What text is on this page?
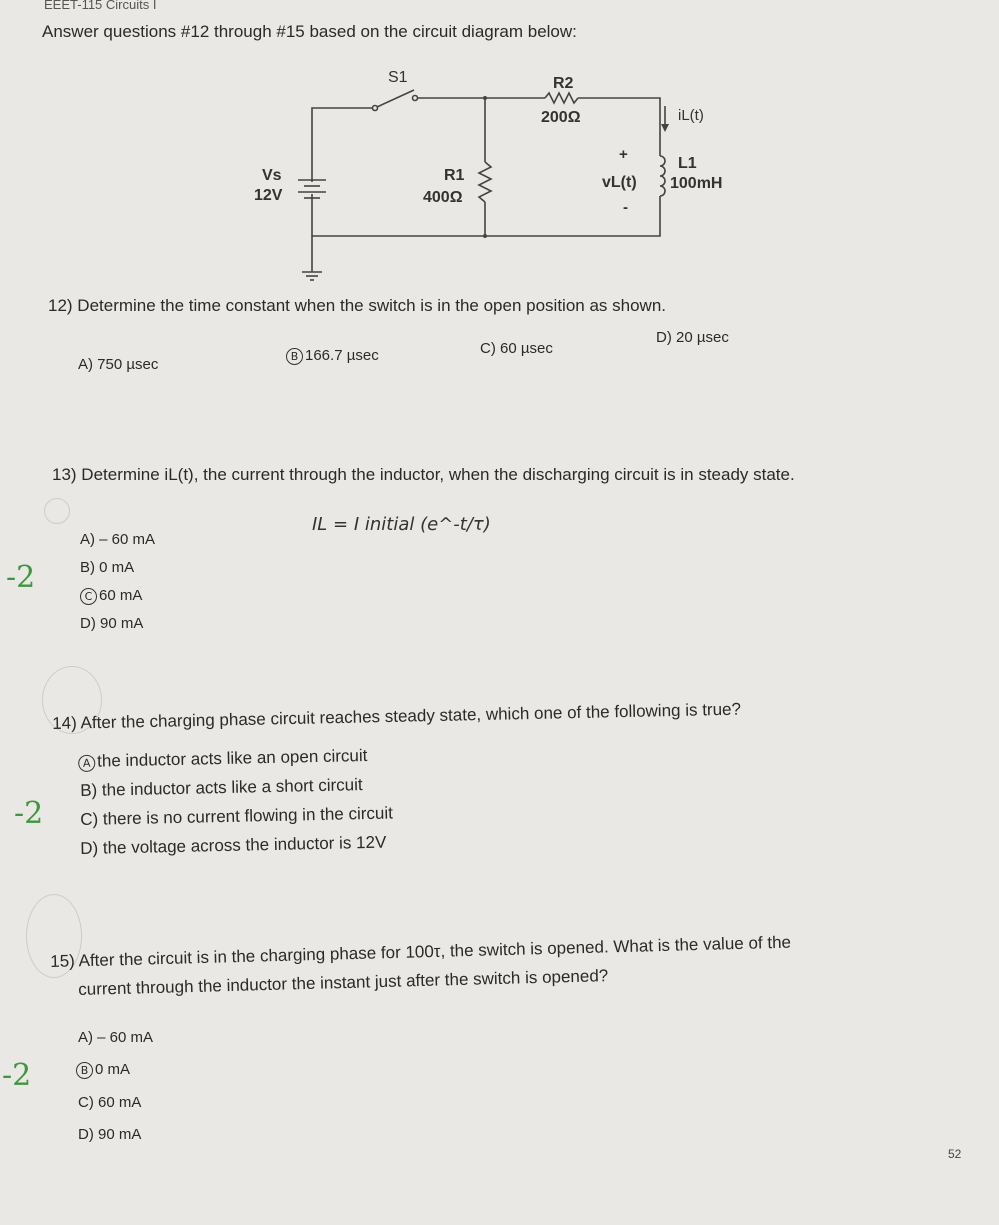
EEET-115 Circuits I
Answer questions #12 through #15 based on the circuit diagram below:
S1	R2
200Ω
Vs
12V
R1
400Ω
iL(t)
L1
100mH
vL(t)
+
-
12) Determine the time constant when the switch is in the open position as shown.
A) 750 µsec	B 166.7 µsec	C) 60 µsec
D) 20 µsec
13) Determine iL(t), the current through the inductor, when the discharging circuit is in steady state.
IL = I initial (e^-t/τ)
A) – 60 mA
B) 0 mA
C 60 mA
D) 90 mA
-2
14) After the charging phase circuit reaches steady state, which one of the following is true?
A the inductor acts like an open circuit
B) the inductor acts like a short circuit
C) there is no current flowing in the circuit
D) the voltage across the inductor is 12V
-2
15) After the circuit is in the charging phase for 100τ, the switch is opened. What is the value of the
current through the inductor the instant just after the switch is opened?
A) – 60 mA
B 0 mA
C) 60 mA
D) 90 mA
-2
52
